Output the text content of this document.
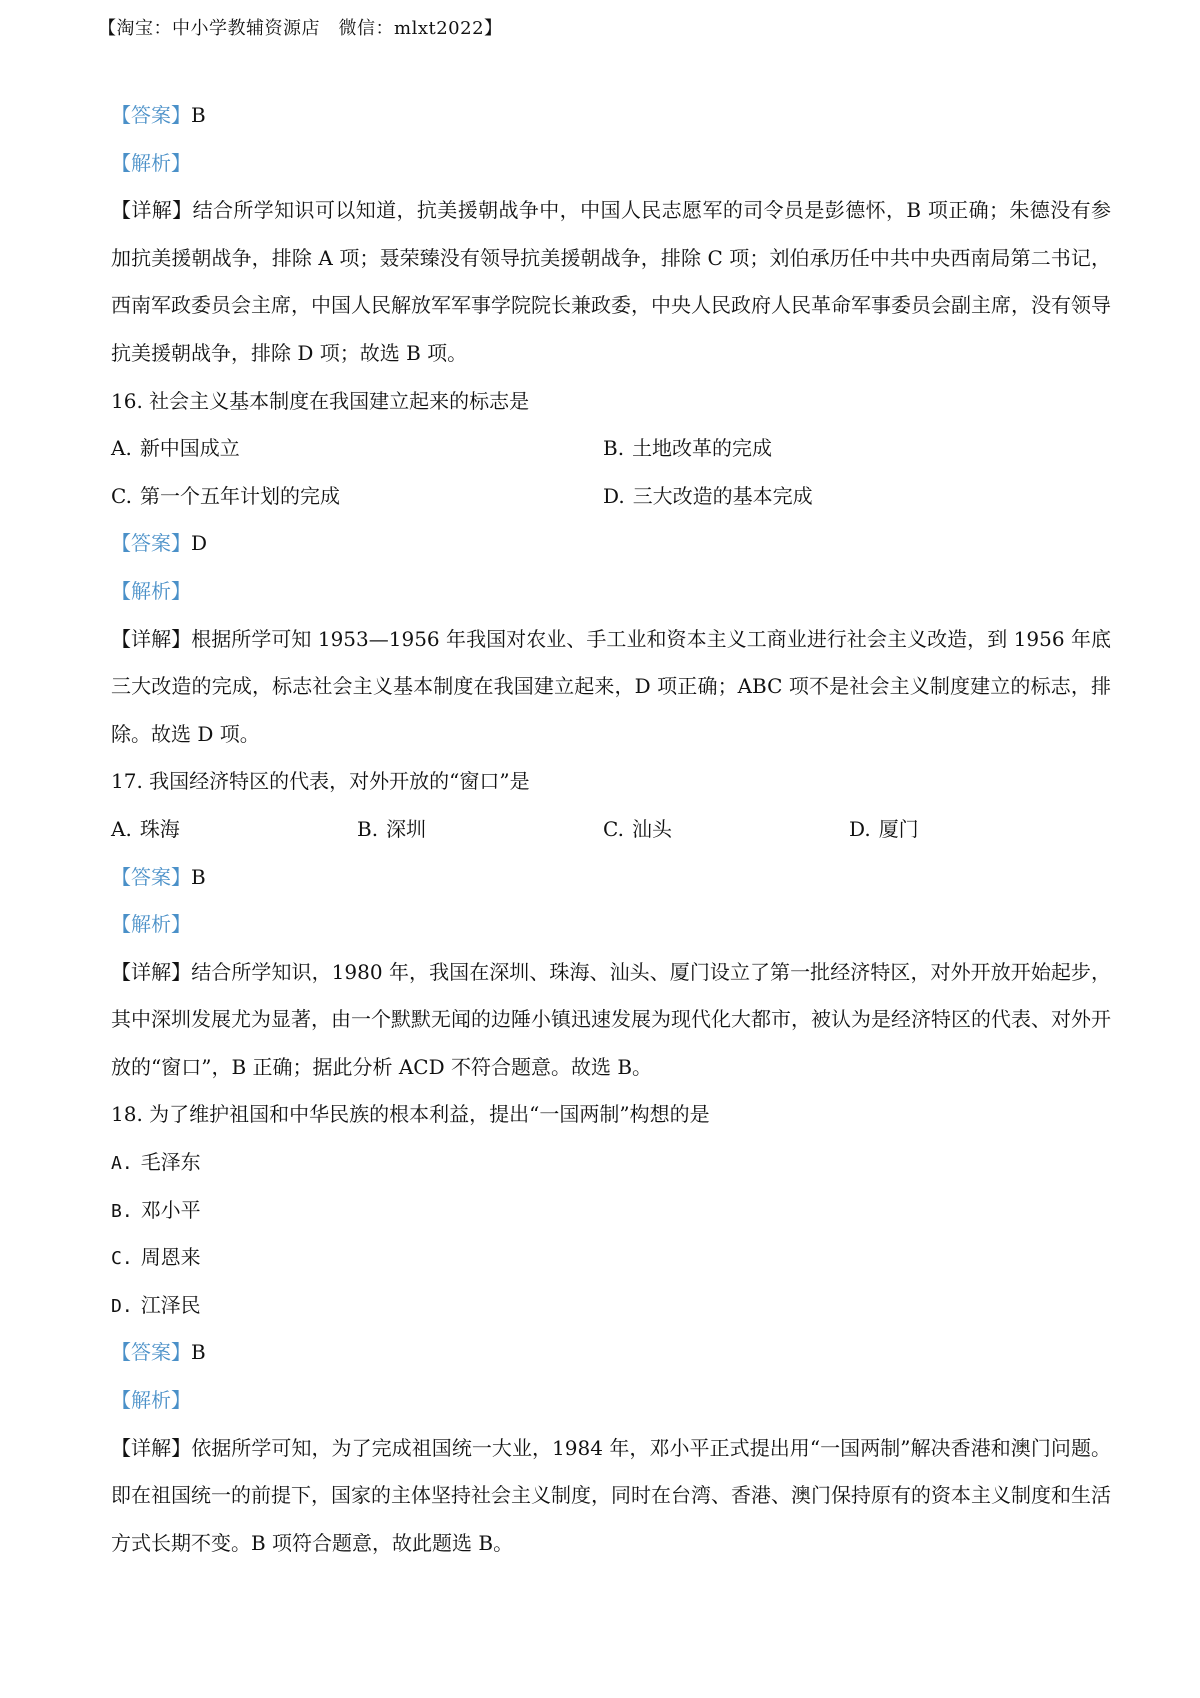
【淘宝：中小学教辅资源店　微信：mlxt2022】
【答案】B
【解析】
【详解】结合所学知识可以知道，抗美援朝战争中，中国人民志愿军的司令员是彭德怀，B 项正确；朱德没有参加抗美援朝战争，排除 A 项；聂荣臻没有领导抗美援朝战争，排除 C 项；刘伯承历任中共中央西南局第二书记，西南军政委员会主席，中国人民解放军军事学院院长兼政委，中央人民政府人民革命军事委员会副主席，没有领导抗美援朝战争，排除 D 项；故选 B 项。
16. 社会主义基本制度在我国建立起来的标志是
A. 新中国成立	B. 土地改革的完成
C. 第一个五年计划的完成	D. 三大改造的基本完成
【答案】D
【解析】
【详解】根据所学可知 1953—1956 年我国对农业、手工业和资本主义工商业进行社会主义改造，到 1956 年底三大改造的完成，标志社会主义基本制度在我国建立起来，D 项正确；ABC 项不是社会主义制度建立的标志，排除。故选 D 项。
17. 我国经济特区的代表，对外开放的“窗口”是
A. 珠海	B. 深圳	C. 汕头	D. 厦门
【答案】B
【解析】
【详解】结合所学知识，1980 年，我国在深圳、珠海、汕头、厦门设立了第一批经济特区，对外开放开始起步，其中深圳发展尤为显著，由一个默默无闻的边陲小镇迅速发展为现代化大都市，被认为是经济特区的代表、对外开放的“窗口”，B 正确；据此分析 ACD 不符合题意。故选 B。
18. 为了维护祖国和中华民族的根本利益，提出“一国两制”构想的是
A. 毛泽东
B. 邓小平
C. 周恩来
D. 江泽民
【答案】B
【解析】
【详解】依据所学可知，为了完成祖国统一大业，1984 年，邓小平正式提出用“一国两制”解决香港和澳门问题。即在祖国统一的前提下，国家的主体坚持社会主义制度，同时在台湾、香港、澳门保持原有的资本主义制度和生活方式长期不变。B 项符合题意，故此题选 B。
